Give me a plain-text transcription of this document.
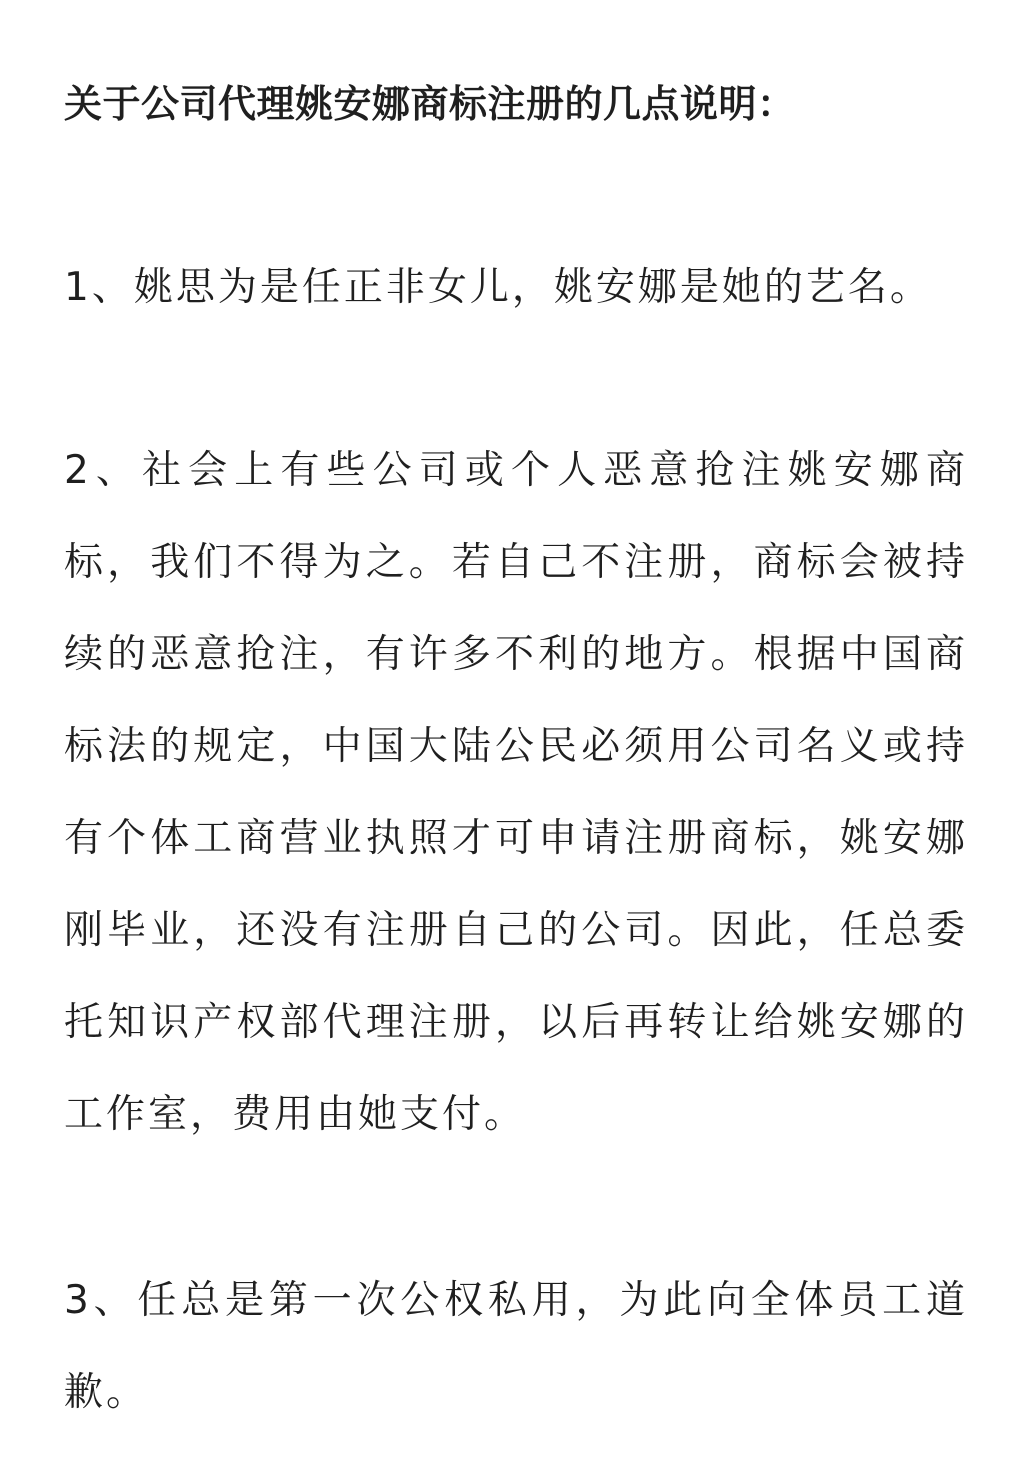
关于公司代理姚安娜商标注册的几点说明：

1、姚思为是任正非女儿，姚安娜是她的艺名。

2、社会上有些公司或个人恶意抢注姚安娜商标，我们不得为之。若自己不注册，商标会被持续的恶意抢注，有许多不利的地方。根据中国商标法的规定，中国大陆公民必须用公司名义或持有个体工商营业执照才可申请注册商标，姚安娜刚毕业，还没有注册自己的公司。因此，任总委托知识产权部代理注册，以后再转让给姚安娜的工作室，费用由她支付。

3、任总是第一次公权私用，为此向全体员工道歉。
